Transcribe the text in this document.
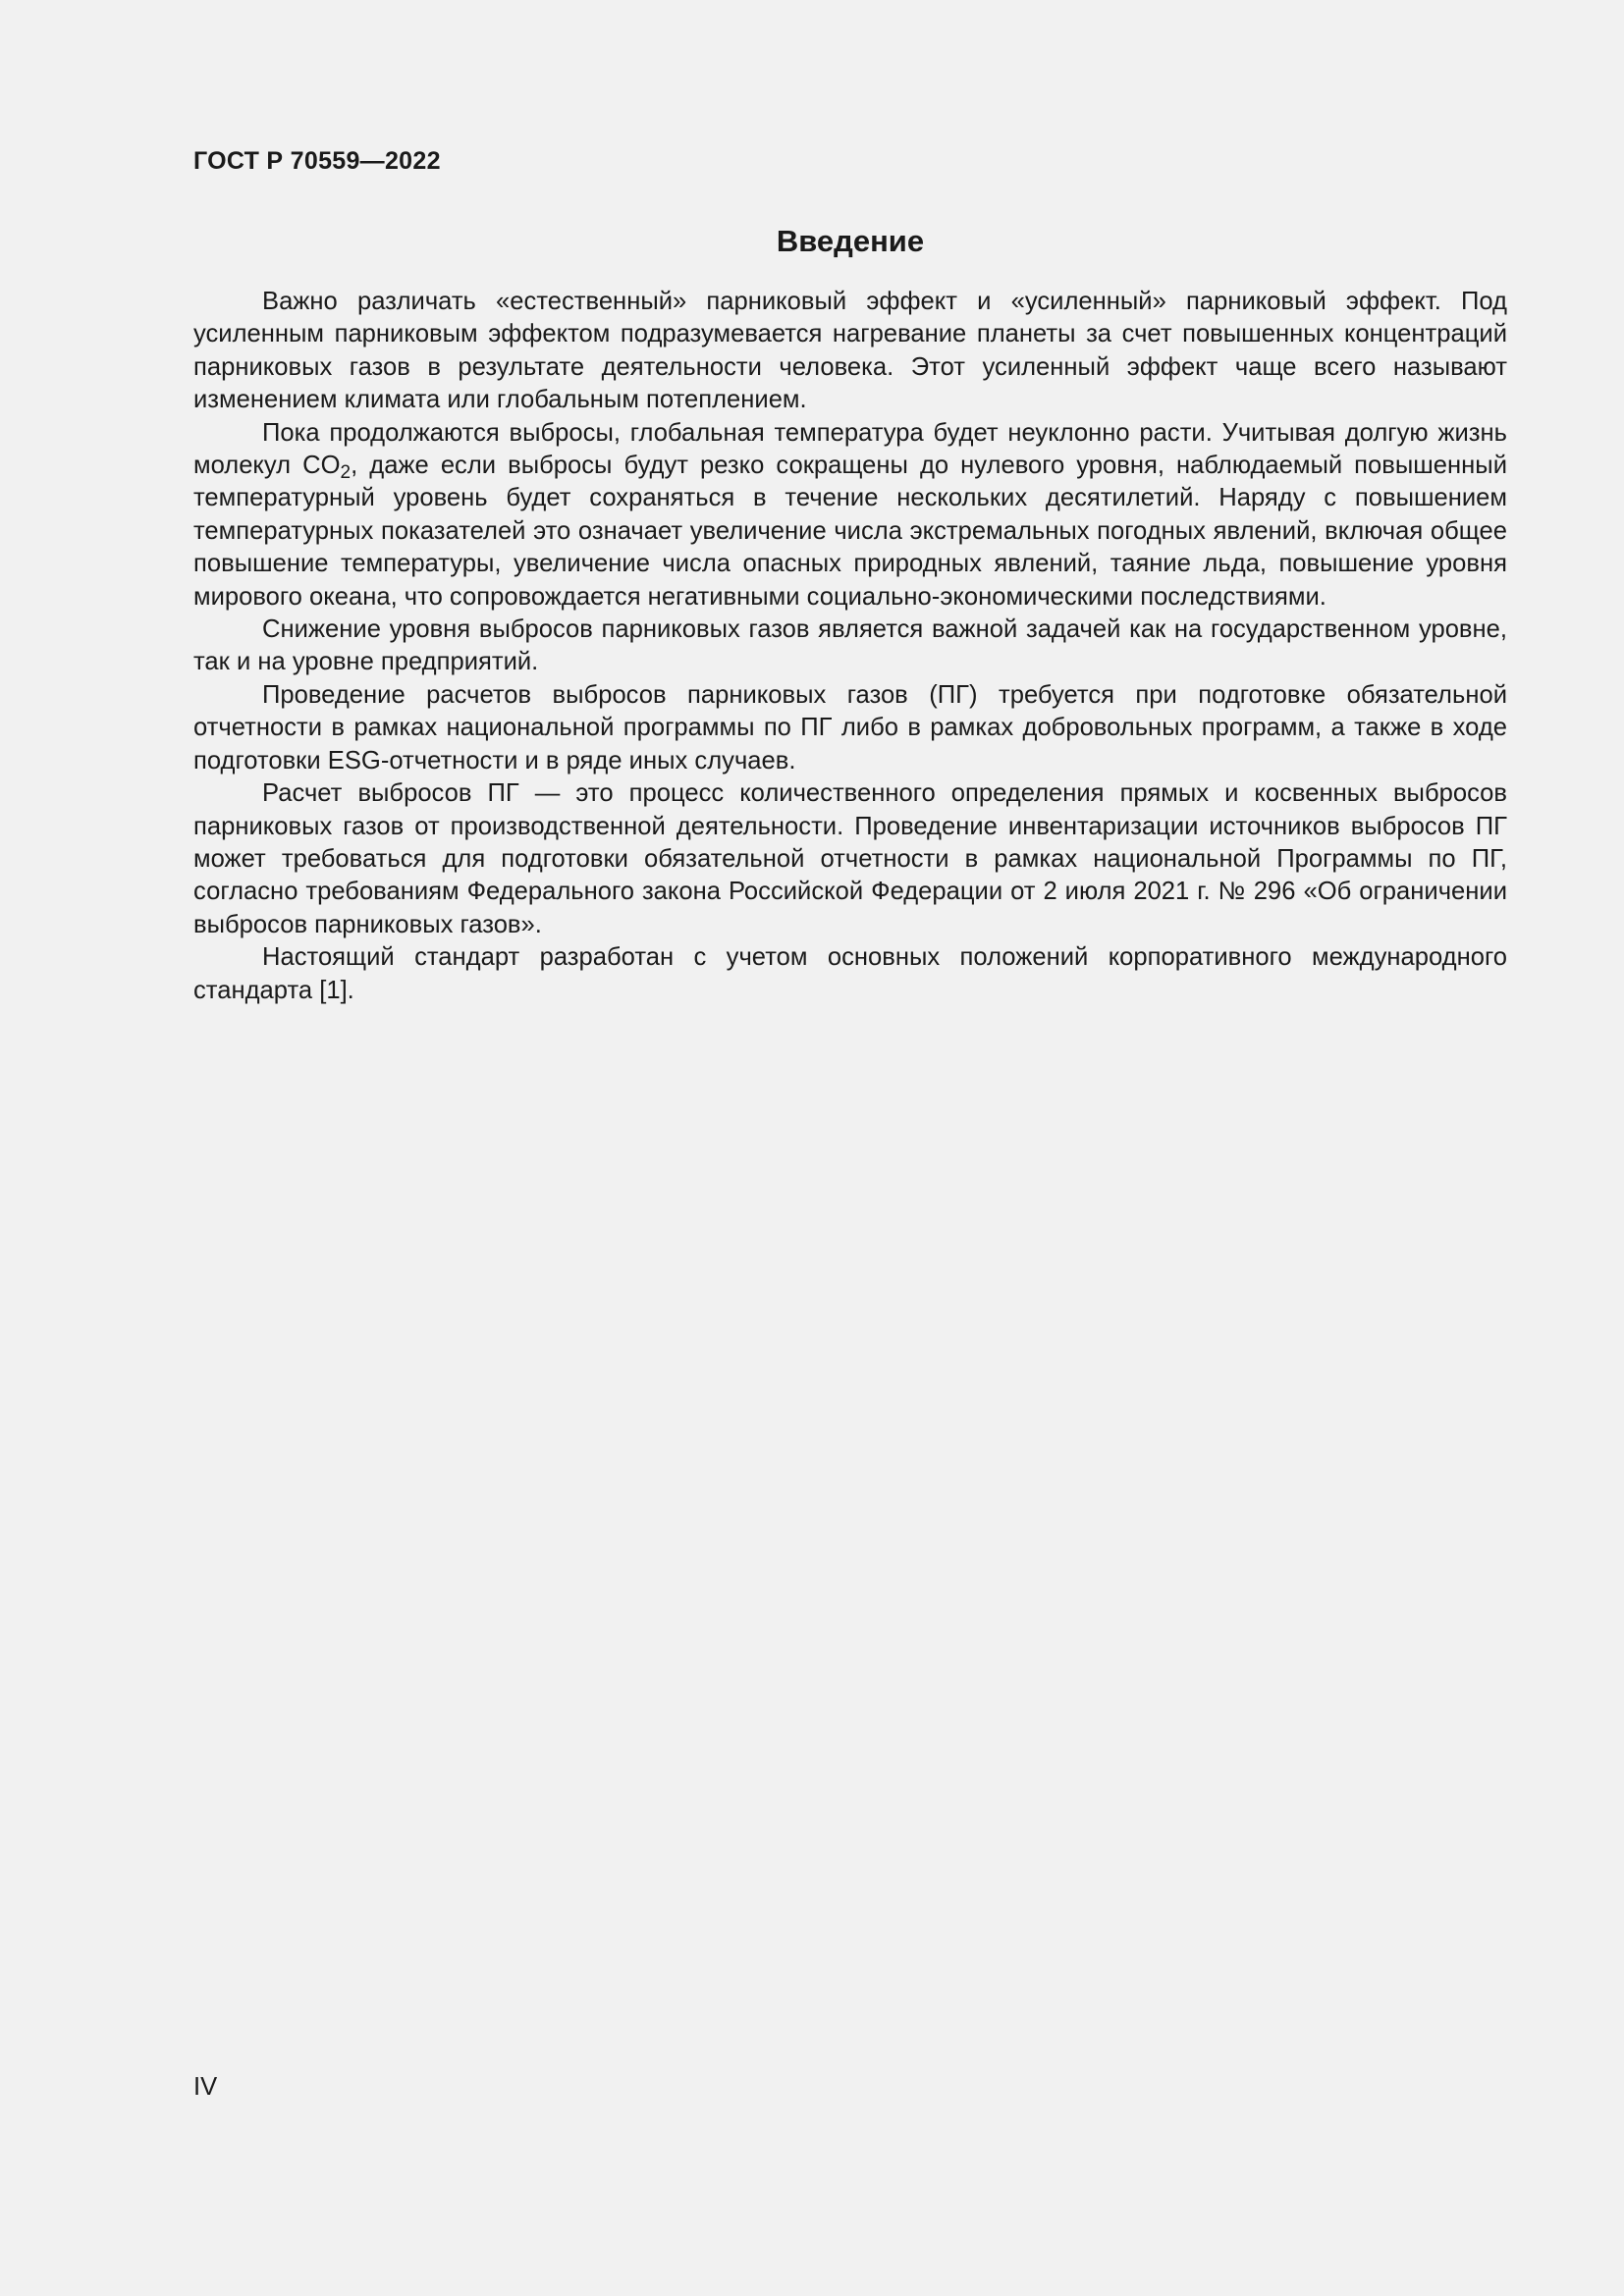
ГОСТ Р 70559—2022
Введение

Важно различать «естественный» парниковый эффект и «усиленный» парниковый эффект. Под усиленным парниковым эффектом подразумевается нагревание планеты за счет повышенных концентраций парниковых газов в результате деятельности человека. Этот усиленный эффект чаще всего называют изменением климата или глобальным потеплением.

Пока продолжаются выбросы, глобальная температура будет неуклонно расти. Учитывая долгую жизнь молекул $CO_2$, даже если выбросы будут резко сокращены до нулевого уровня, наблюдаемый повышенный температурный уровень будет сохраняться в течение нескольких десятилетий. Наряду с повышением температурных показателей это означает увеличение числа экстремальных погодных явлений, включая общее повышение температуры, увеличение числа опасных природных явлений, таяние льда, повышение уровня мирового океана, что сопровождается негативными социально-экономическими последствиями.

Снижение уровня выбросов парниковых газов является важной задачей как на государственном уровне, так и на уровне предприятий.

Проведение расчетов выбросов парниковых газов (ПГ) требуется при подготовке обязательной отчетности в рамках национальной программы по ПГ либо в рамках добровольных программ, а также в ходе подготовки ESG-отчетности и в ряде иных случаев.

Расчет выбросов ПГ — это процесс количественного определения прямых и косвенных выбросов парниковых газов от производственной деятельности. Проведение инвентаризации источников выбросов ПГ может требоваться для подготовки обязательной отчетности в рамках национальной Программы по ПГ, согласно требованиям Федерального закона Российской Федерации от 2 июля 2021 г. № 296 «Об ограничении выбросов парниковых газов».

Настоящий стандарт разработан с учетом основных положений корпоративного международного стандарта [1].

IV
